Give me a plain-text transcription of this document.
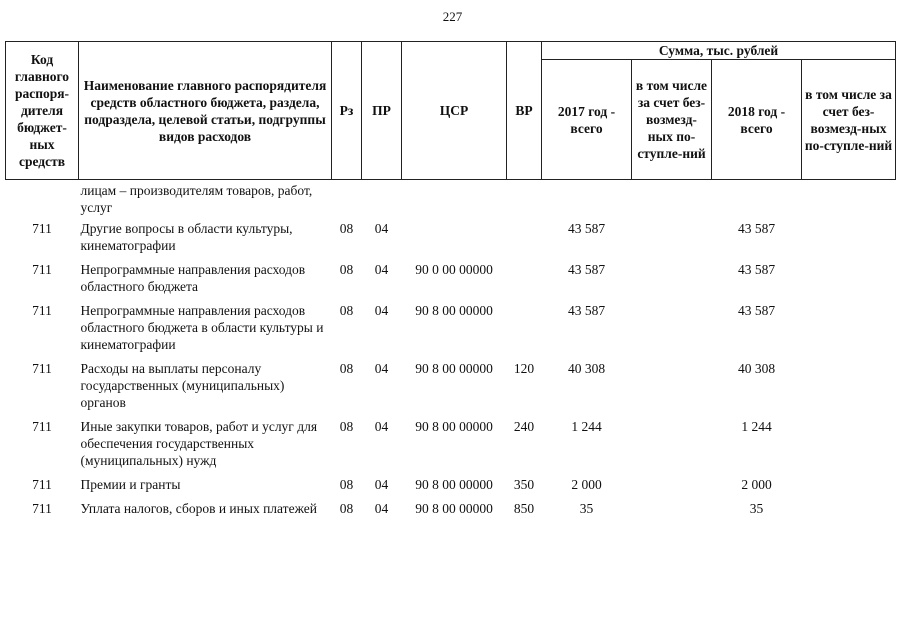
227
Код главного распоря-дителя бюджет-ных средств	Наименование главного распорядителя средств областного бюджета, раздела, подраздела, целевой статьи, подгруппы видов расходов	Рз	ПР	ЦСР	ВР	Сумма, тыс. рублей			
						2017 год - всего	в том числе за счет без-возмезд-ных по-ступле-ний	2018 год - всего	в том числе за счет без-возмезд-ных по-ступле-ний
	лицам – производителям товаров, работ, услуг								
711	Другие вопросы в области культуры, кинематографии	08	04			43 587		43 587	
711	Непрограммные направления расходов областного бюджета	08	04	90 0 00 00000		43 587		43 587	
711	Непрограммные направления расходов областного бюджета в области культуры и кинематографии	08	04	90 8 00 00000		43 587		43 587	
711	Расходы на выплаты персоналу государственных (муниципальных) органов	08	04	90 8 00 00000	120	40 308		40 308	
711	Иные закупки товаров, работ и услуг для обеспечения государственных (муниципальных) нужд	08	04	90 8 00 00000	240	1 244		1 244	
711	Премии и гранты	08	04	90 8 00 00000	350	2 000		2 000	
711	Уплата налогов, сборов и иных платежей	08	04	90 8 00 00000	850	35		35	
